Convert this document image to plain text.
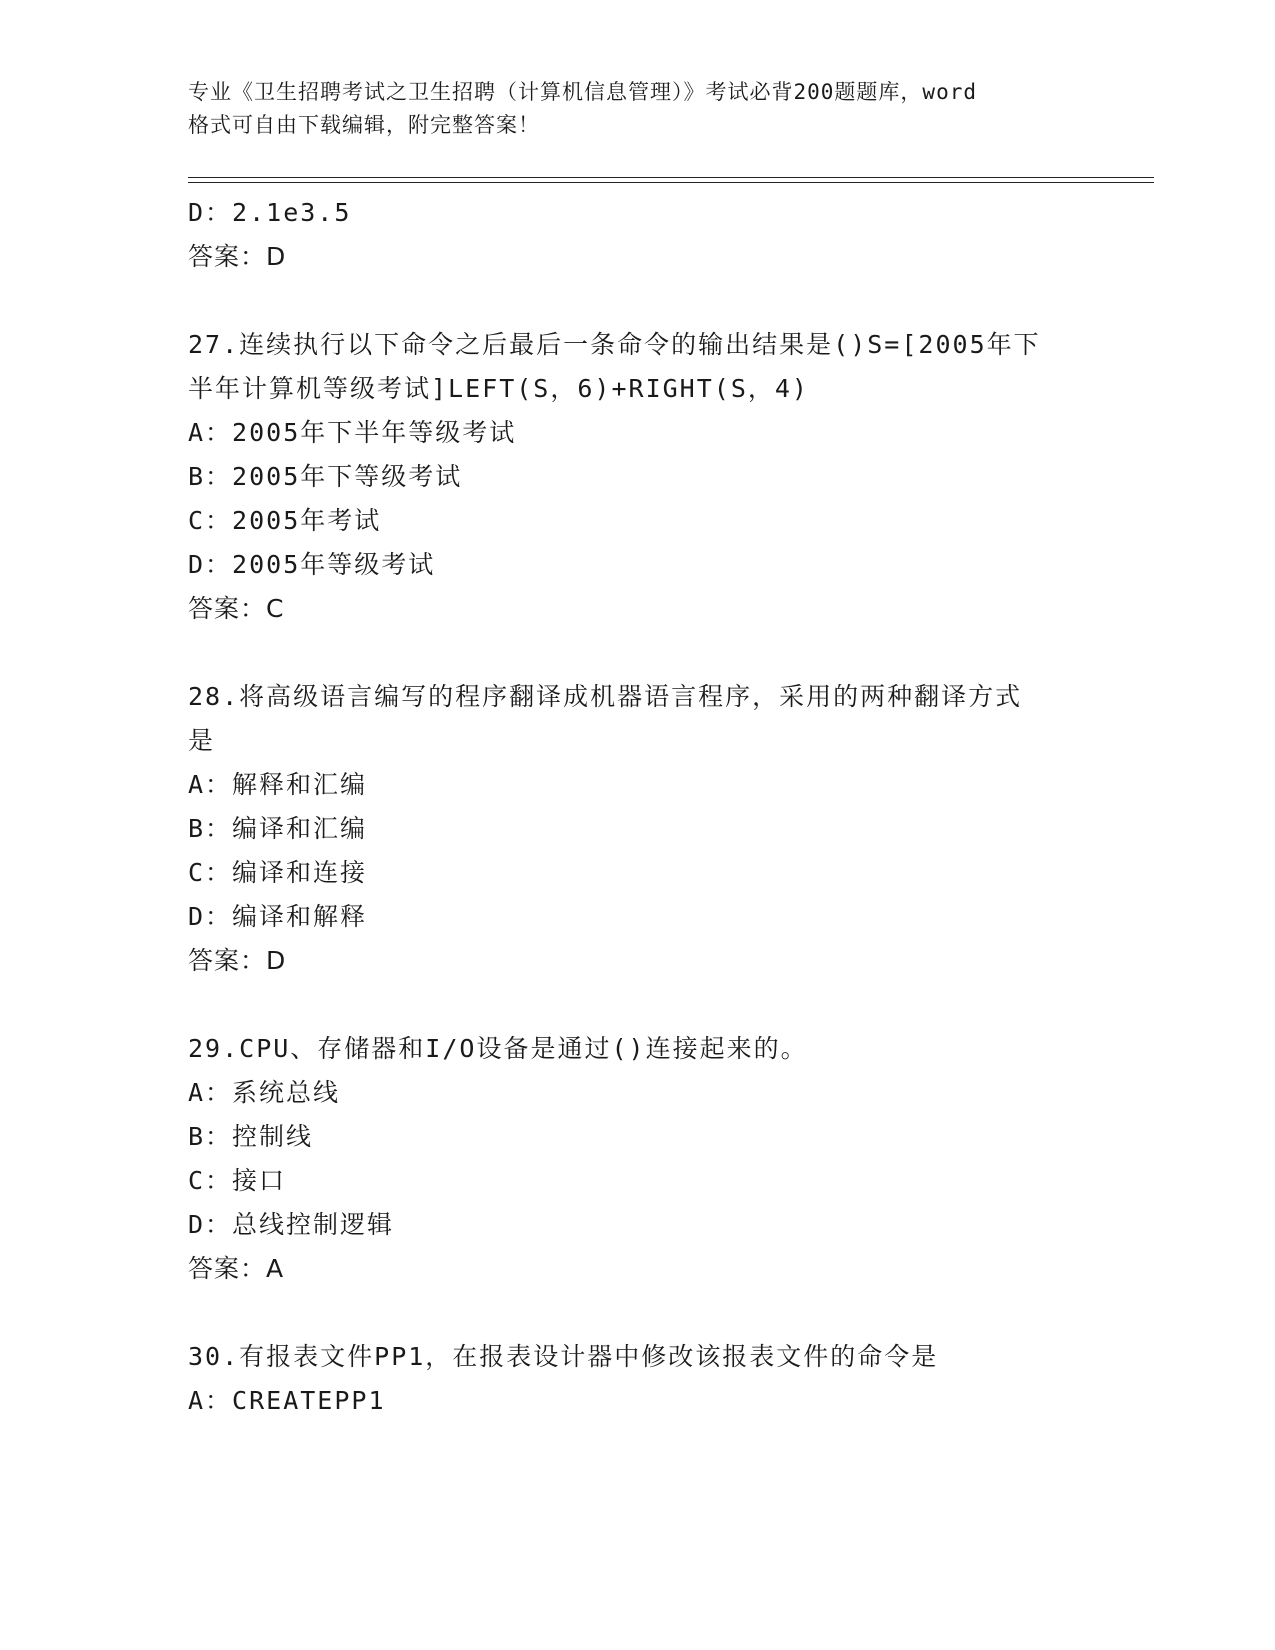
专业《卫生招聘考试之卫生招聘（计算机信息管理）》考试必背200题题库，word
格式可自由下载编辑，附完整答案！
D：2.1e3.5
答案：D
27.连续执行以下命令之后最后一条命令的输出结果是()S=[2005年下
半年计算机等级考试]LEFT(S，6)+RIGHT(S，4)
A：2005年下半年等级考试
B：2005年下等级考试
C：2005年考试
D：2005年等级考试
答案：C
28.将高级语言编写的程序翻译成机器语言程序，采用的两种翻译方式
是
A：解释和汇编
B：编译和汇编
C：编译和连接
D：编译和解释
答案：D
29.CPU、存储器和I/O设备是通过()连接起来的。
A：系统总线
B：控制线
C：接口
D：总线控制逻辑
答案：A
30.有报表文件PP1，在报表设计器中修改该报表文件的命令是
A：CREATEPP1
